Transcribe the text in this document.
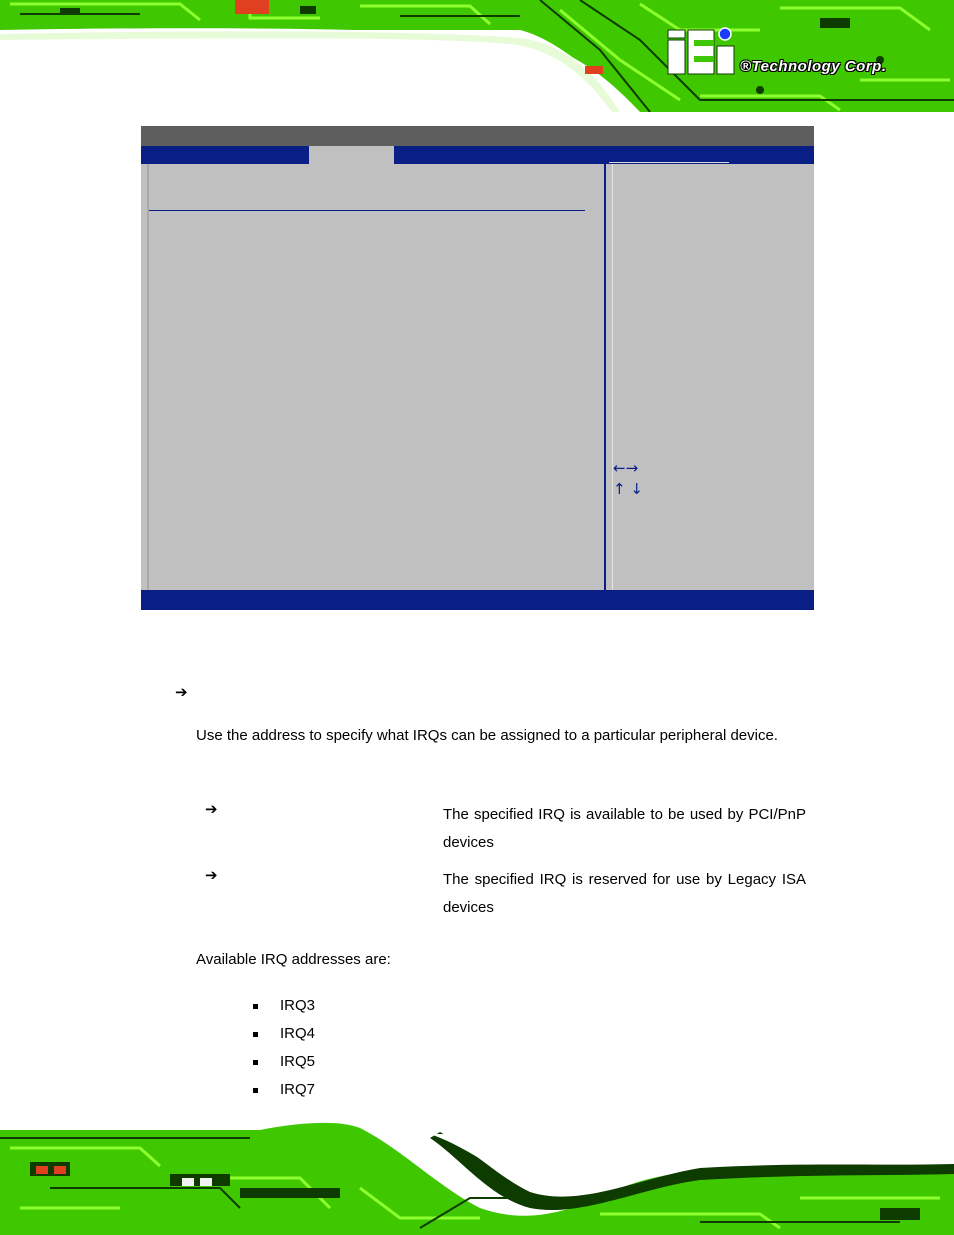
®Technology Corp.
←→
↑ ↓
➔
Use the address to specify what IRQs can be assigned to a particular peripheral device.
➔	The specified IRQ is available to be used by PCI/PnP devices
➔	The specified IRQ is reserved for use by Legacy ISA devices
Available IRQ addresses are:
IRQ3
IRQ4
IRQ5
IRQ7
